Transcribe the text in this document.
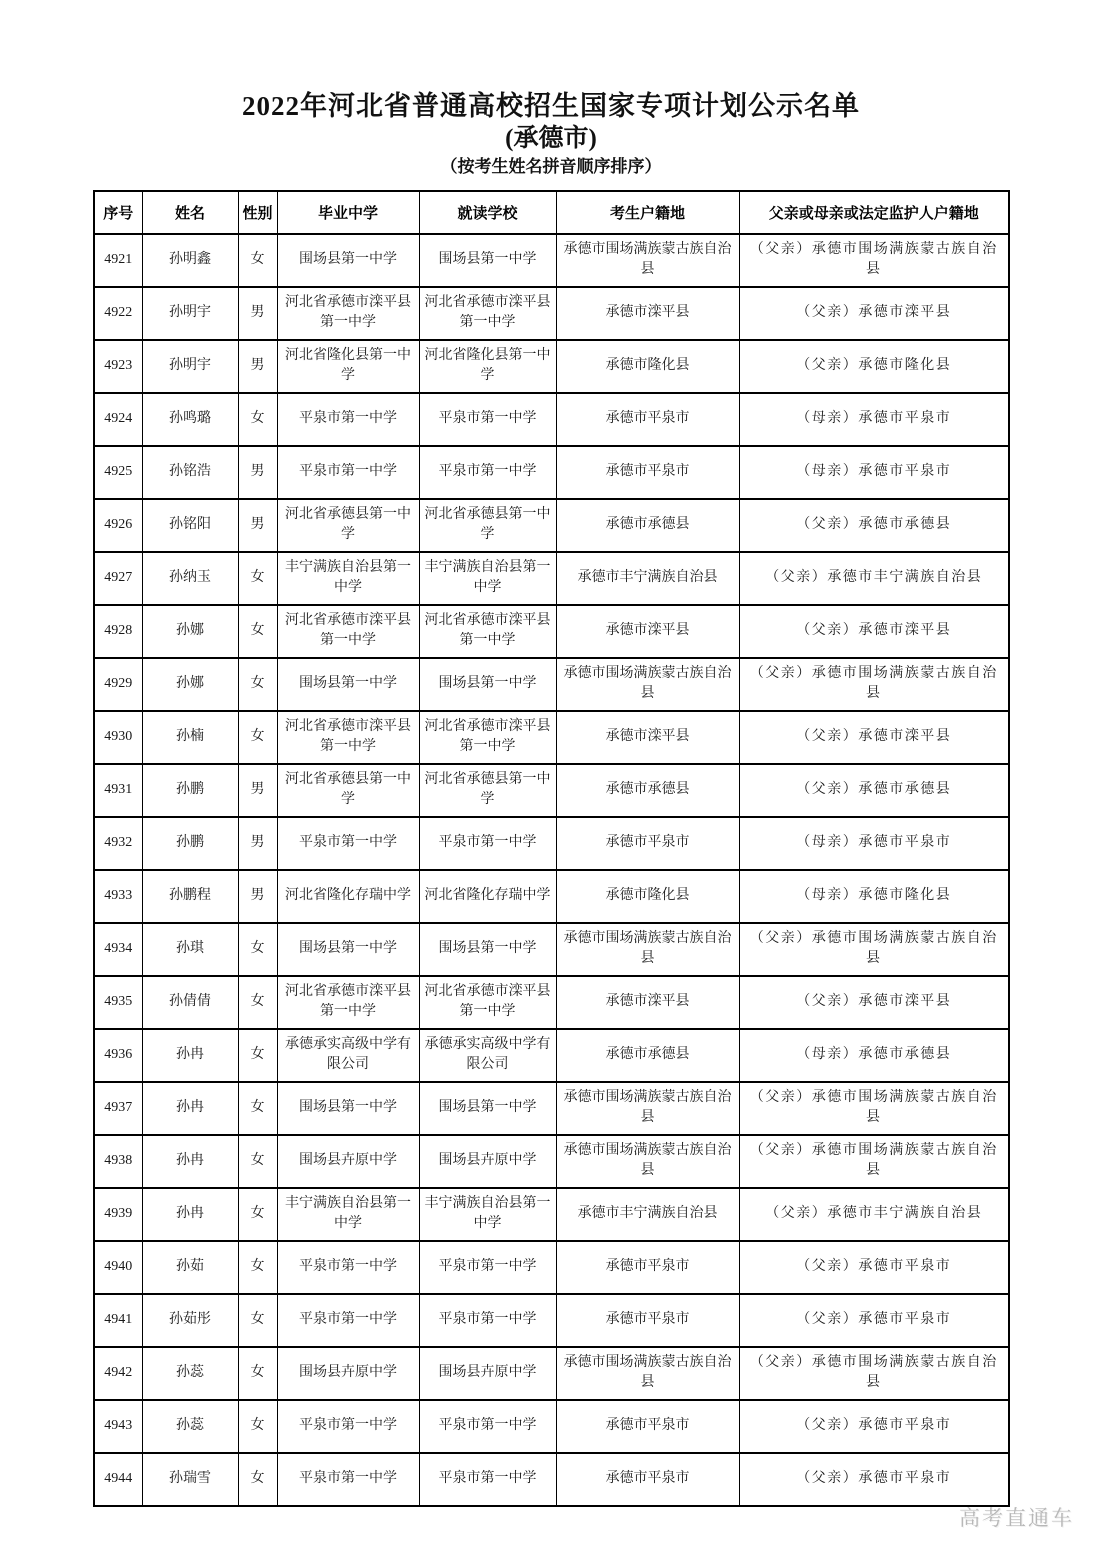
2022年河北省普通高校招生国家专项计划公示名单
(承德市)
（按考生姓名拼音顺序排序）
序号	姓名	性别	毕业中学	就读学校	考生户籍地	父亲或母亲或法定监护人户籍地
4921	孙明鑫	女	围场县第一中学	围场县第一中学	承德市围场满族蒙古族自治县	（父亲）承德市围场满族蒙古族自治县
4922	孙明宇	男	河北省承德市滦平县第一中学	河北省承德市滦平县第一中学	承德市滦平县	（父亲）承德市滦平县
4923	孙明宇	男	河北省隆化县第一中学	河北省隆化县第一中学	承德市隆化县	（父亲）承德市隆化县
4924	孙鸣璐	女	平泉市第一中学	平泉市第一中学	承德市平泉市	（母亲）承德市平泉市
4925	孙铭浩	男	平泉市第一中学	平泉市第一中学	承德市平泉市	（母亲）承德市平泉市
4926	孙铭阳	男	河北省承德县第一中学	河北省承德县第一中学	承德市承德县	（父亲）承德市承德县
4927	孙纳玉	女	丰宁满族自治县第一中学	丰宁满族自治县第一中学	承德市丰宁满族自治县	（父亲）承德市丰宁满族自治县
4928	孙娜	女	河北省承德市滦平县第一中学	河北省承德市滦平县第一中学	承德市滦平县	（父亲）承德市滦平县
4929	孙娜	女	围场县第一中学	围场县第一中学	承德市围场满族蒙古族自治县	（父亲）承德市围场满族蒙古族自治县
4930	孙楠	女	河北省承德市滦平县第一中学	河北省承德市滦平县第一中学	承德市滦平县	（父亲）承德市滦平县
4931	孙鹏	男	河北省承德县第一中学	河北省承德县第一中学	承德市承德县	（父亲）承德市承德县
4932	孙鹏	男	平泉市第一中学	平泉市第一中学	承德市平泉市	（母亲）承德市平泉市
4933	孙鹏程	男	河北省隆化存瑞中学	河北省隆化存瑞中学	承德市隆化县	（母亲）承德市隆化县
4934	孙琪	女	围场县第一中学	围场县第一中学	承德市围场满族蒙古族自治县	（父亲）承德市围场满族蒙古族自治县
4935	孙倩倩	女	河北省承德市滦平县第一中学	河北省承德市滦平县第一中学	承德市滦平县	（父亲）承德市滦平县
4936	孙冉	女	承德承实高级中学有限公司	承德承实高级中学有限公司	承德市承德县	（母亲）承德市承德县
4937	孙冉	女	围场县第一中学	围场县第一中学	承德市围场满族蒙古族自治县	（父亲）承德市围场满族蒙古族自治县
4938	孙冉	女	围场县卉原中学	围场县卉原中学	承德市围场满族蒙古族自治县	（父亲）承德市围场满族蒙古族自治县
4939	孙冉	女	丰宁满族自治县第一中学	丰宁满族自治县第一中学	承德市丰宁满族自治县	（父亲）承德市丰宁满族自治县
4940	孙茹	女	平泉市第一中学	平泉市第一中学	承德市平泉市	（父亲）承德市平泉市
4941	孙茹彤	女	平泉市第一中学	平泉市第一中学	承德市平泉市	（父亲）承德市平泉市
4942	孙蕊	女	围场县卉原中学	围场县卉原中学	承德市围场满族蒙古族自治县	（父亲）承德市围场满族蒙古族自治县
4943	孙蕊	女	平泉市第一中学	平泉市第一中学	承德市平泉市	（父亲）承德市平泉市
4944	孙瑞雪	女	平泉市第一中学	平泉市第一中学	承德市平泉市	（父亲）承德市平泉市
高考直通车
